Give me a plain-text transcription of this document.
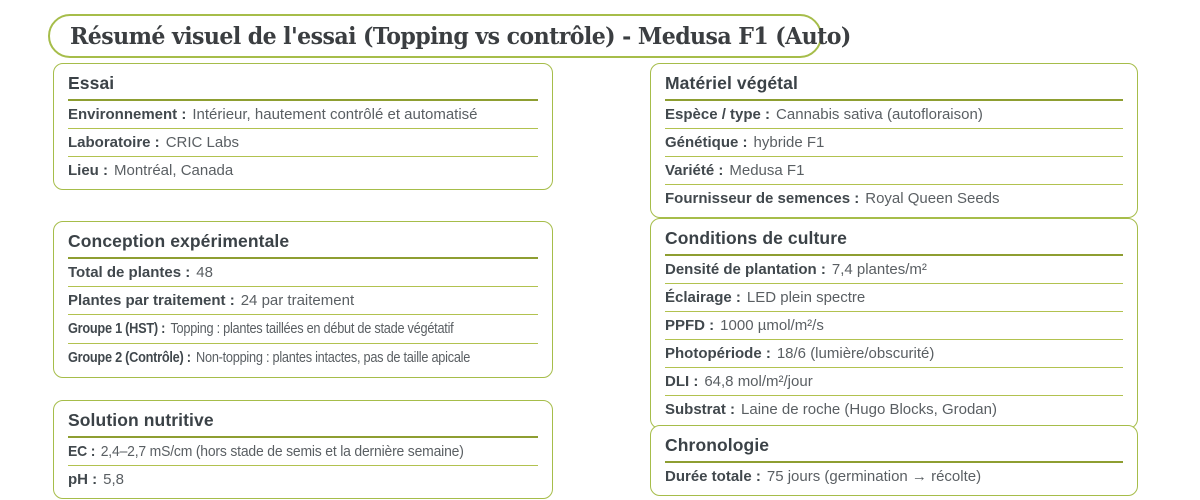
Résumé visuel de l'essai (Topping vs contrôle) - Medusa F1 (Auto)
Essai
Environnement : Intérieur, hautement contrôlé et automatisé
Laboratoire : CRIC Labs
Lieu : Montréal, Canada
Conception expérimentale
Total de plantes : 48
Plantes par traitement : 24 par traitement
Groupe 1 (HST) : Topping : plantes taillées en début de stade végétatif
Groupe 2 (Contrôle) : Non-topping : plantes intactes, pas de taille apicale
Solution nutritive
EC : 2,4–2,7 mS/cm (hors stade de semis et la dernière semaine)
pH : 5,8
Matériel végétal
Espèce / type : Cannabis sativa (autofloraison)
Génétique : hybride F1
Variété : Medusa F1
Fournisseur de semences : Royal Queen Seeds
Conditions de culture
Densité de plantation : 7,4 plantes/m²
Éclairage : LED plein spectre
PPFD : 1000 µmol/m²/s
Photopériode : 18/6 (lumière/obscurité)
DLI : 64,8 mol/m²/jour
Substrat : Laine de roche (Hugo Blocks, Grodan)
Chronologie
Durée totale : 75 jours (germination → récolte)
